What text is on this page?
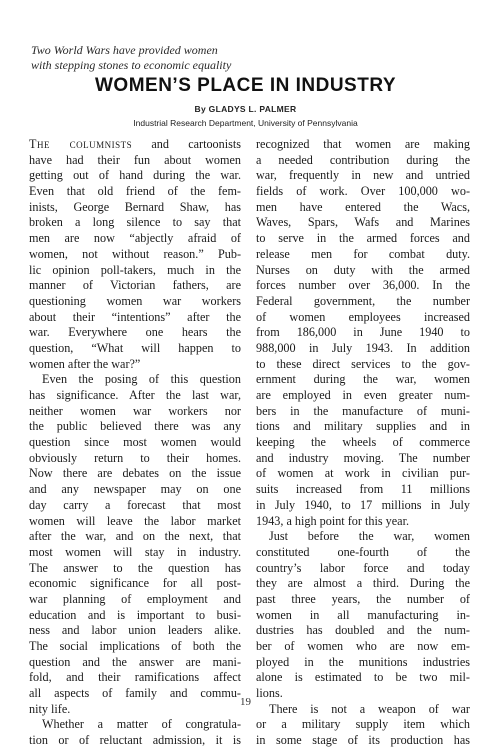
Two World Wars have provided women
with stepping stones to economic equality
WOMEN’S PLACE IN INDUSTRY
By GLADYS L. PALMER
Industrial Research Department, University of Pennsylvania
The columnists and cartoonists
have had their fun about women
getting out of hand during the war.
Even that old friend of the fem-
inists, George Bernard Shaw, has
broken a long silence to say that
men are now “abjectly afraid of
women, not without reason.” Pub-
lic opinion poll-takers, much in the
manner of Victorian fathers, are
questioning women war workers
about their “intentions” after the
war. Everywhere one hears the
question, “What will happen to
women after the war?”
Even the posing of this question
has significance. After the last war,
neither women war workers nor
the public believed there was any
question since most women would
obviously return to their homes.
Now there are debates on the issue
and any newspaper may on one
day carry a forecast that most
women will leave the labor market
after the war, and on the next, that
most women will stay in industry.
The answer to the question has
economic significance for all post-
war planning of employment and
education and is important to busi-
ness and labor union leaders alike.
The social implications of both the
question and the answer are mani-
fold, and their ramifications affect
all aspects of family and commu-
nity life.
Whether a matter of congratula-
tion or of reluctant admission, it is
recognized that women are making
a needed contribution during the
war, frequently in new and untried
fields of work. Over 100,000 wo-
men have entered the Wacs,
Waves, Spars, Wafs and Marines
to serve in the armed forces and
release men for combat duty.
Nurses on duty with the armed
forces number over 36,000. In the
Federal government, the number
of women employees increased
from 186,000 in June 1940 to
988,000 in July 1943. In addition
to these direct services to the gov-
ernment during the war, women
are employed in even greater num-
bers in the manufacture of muni-
tions and military supplies and in
keeping the wheels of commerce
and industry moving. The number
of women at work in civilian pur-
suits increased from 11 millions
in July 1940, to 17 millions in July
1943, a high point for this year.
Just before the war, women
constituted one-fourth of the
country’s labor force and today
they are almost a third. During the
past three years, the number of
women in all manufacturing in-
dustries has doubled and the num-
ber of women who are now em-
ployed in the munitions industries
alone is estimated to be two mil-
lions.
There is not a weapon of war
or a military supply item which
in some stage of its production has
19
